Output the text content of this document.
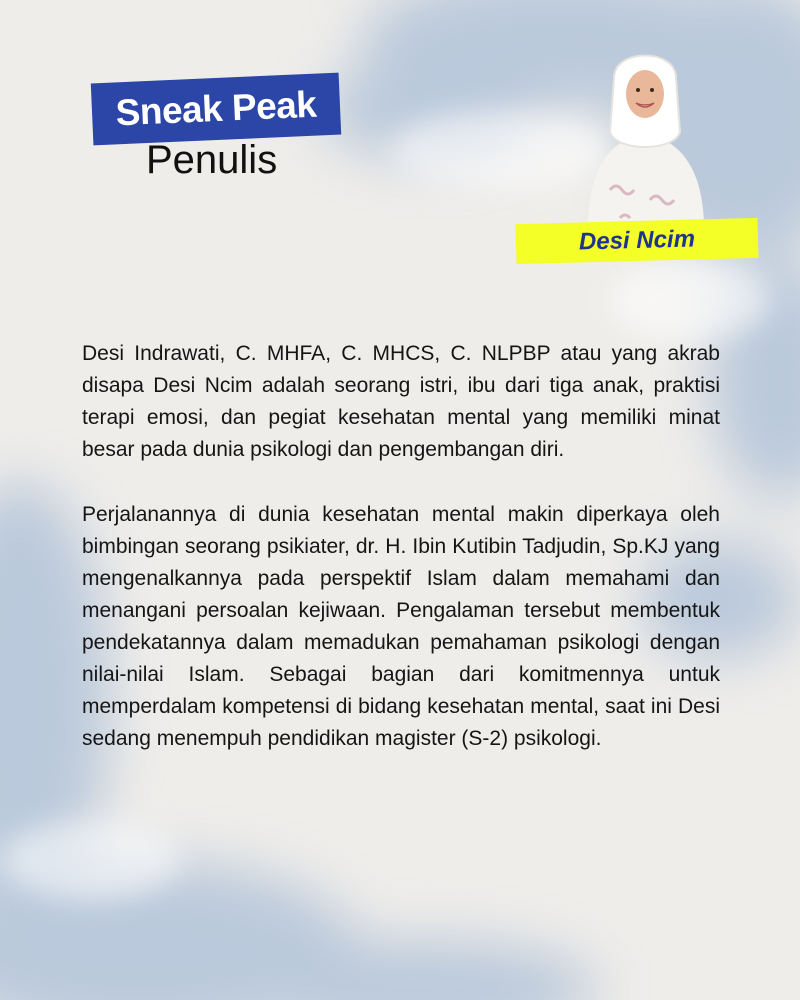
Sneak Peak
Penulis
Desi Ncim

Desi Indrawati, C. MHFA, C. MHCS, C. NLPBP atau yang akrab disapa Desi Ncim adalah seorang istri, ibu dari tiga anak, praktisi terapi emosi, dan pegiat kesehatan mental yang memiliki minat besar pada dunia psikologi dan pengembangan diri.

Perjalanannya di dunia kesehatan mental makin diperkaya oleh bimbingan seorang psikiater, dr. H. Ibin Kutibin Tadjudin, Sp.KJ yang mengenalkannya pada perspektif Islam dalam memahami dan menangani persoalan kejiwaan. Pengalaman tersebut membentuk pendekatannya dalam memadukan pemahaman psikologi dengan nilai-nilai Islam. Sebagai bagian dari komitmennya untuk memperdalam kompetensi di bidang kesehatan mental, saat ini Desi sedang menempuh pendidikan magister (S-2) psikologi.
